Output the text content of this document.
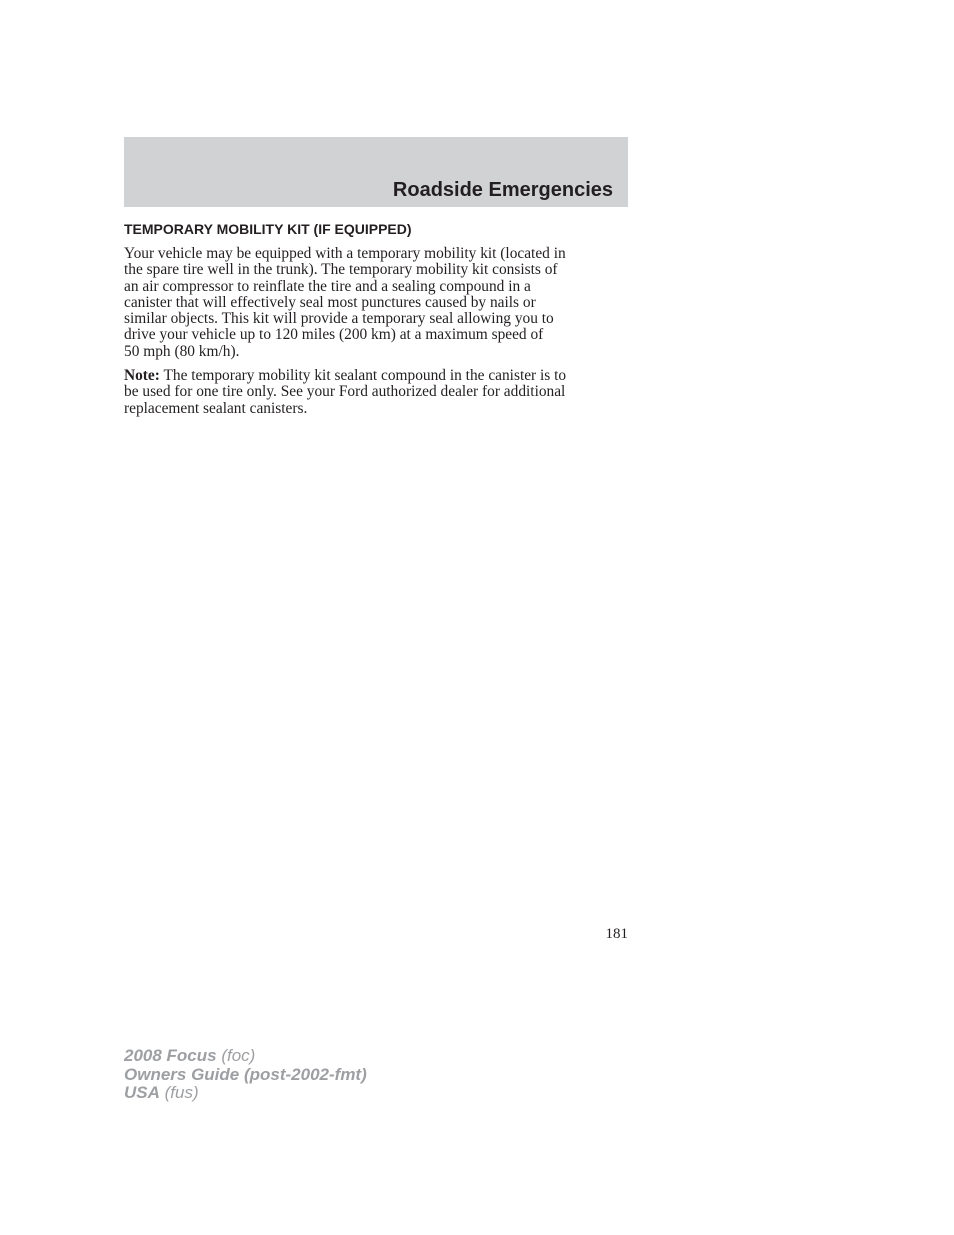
Roadside Emergencies
TEMPORARY MOBILITY KIT (IF EQUIPPED)

Your vehicle may be equipped with a temporary mobility kit (located in
the spare tire well in the trunk). The temporary mobility kit consists of
an air compressor to reinflate the tire and a sealing compound in a
canister that will effectively seal most punctures caused by nails or
similar objects. This kit will provide a temporary seal allowing you to
drive your vehicle up to 120 miles (200 km) at a maximum speed of
50 mph (80 km/h).

Note: The temporary mobility kit sealant compound in the canister is to
be used for one tire only. See your Ford authorized dealer for additional
replacement sealant canisters.

181
2008 Focus (foc)
Owners Guide (post-2002-fmt)
USA (fus)
